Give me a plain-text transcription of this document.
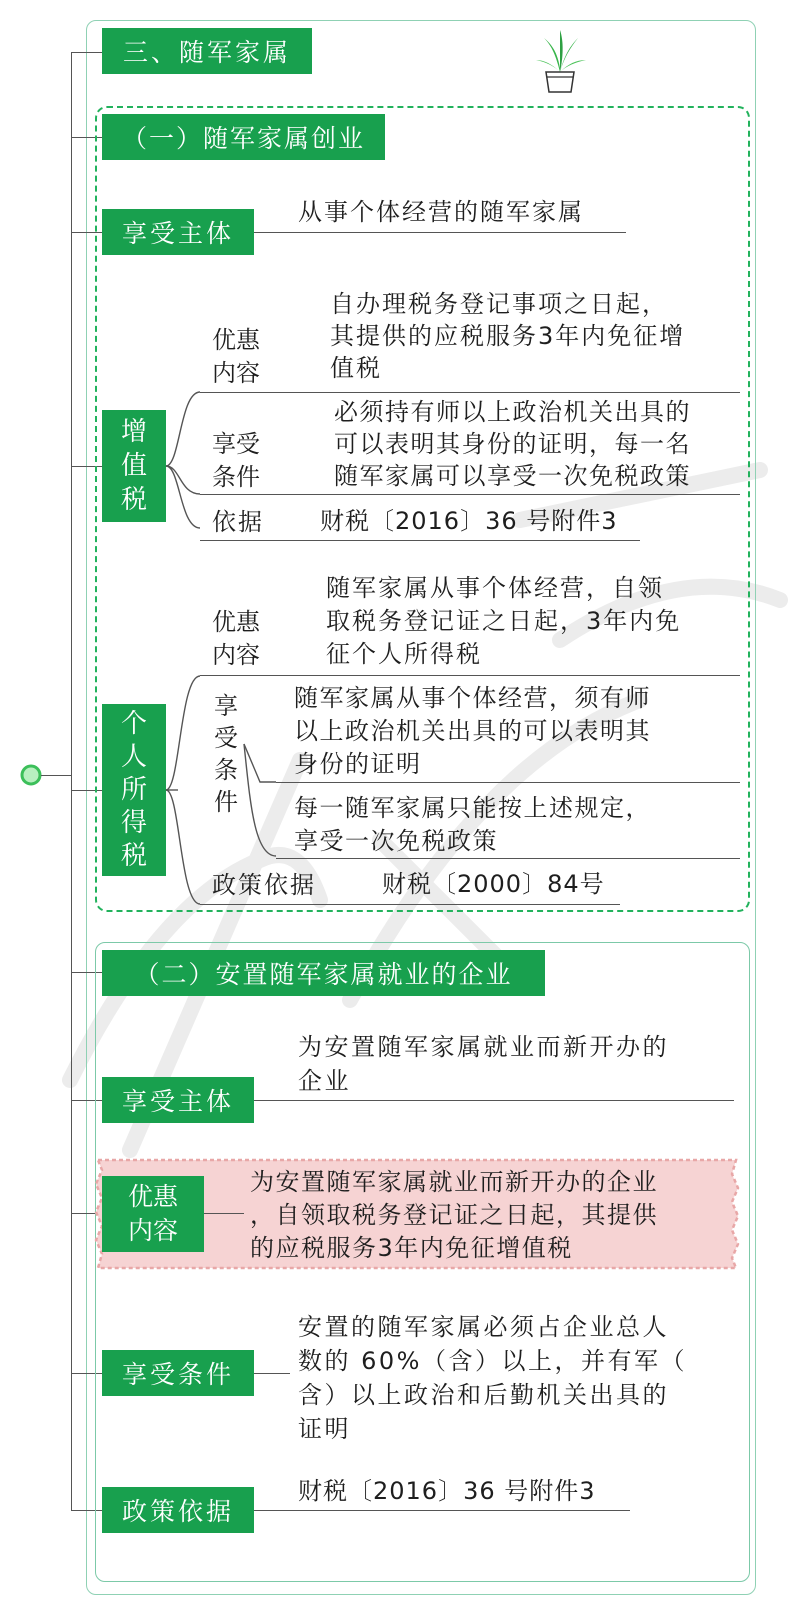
三、随军家属
（一）随军家属创业
享受主体
从事个体经营的随军家属
增
值
税
优惠
内容
自办理税务登记事项之日起，
其提供的应税服务3年内免征增
值税
享受
条件
必须持有师以上政治机关出具的
可以表明其身份的证明，每一名
随军家属可以享受一次免税政策
依据 财税〔2016〕36 号附件3
个
人
所
得
税
优惠
内容
随军家属从事个体经营，自领
取税务登记证之日起，3年内免
征个人所得税
享
受
条
件
随军家属从事个体经营，须有师
以上政治机关出具的可以表明其
身份的证明
每一随军家属只能按上述规定，
享受一次免税政策
政策依据	财税〔2000〕84号
（二）安置随军家属就业的企业
享受主体
为安置随军家属就业而新开办的
企业
优惠
内容
为安置随军家属就业而新开办的企业
，自领取税务登记证之日起，其提供
的应税服务3年内免征增值税
享受条件
安置的随军家属必须占企业总人
数的 60%（含）以上，并有军（
含）以上政治和后勤机关出具的
证明
政策依据
财税〔2016〕36 号附件3
